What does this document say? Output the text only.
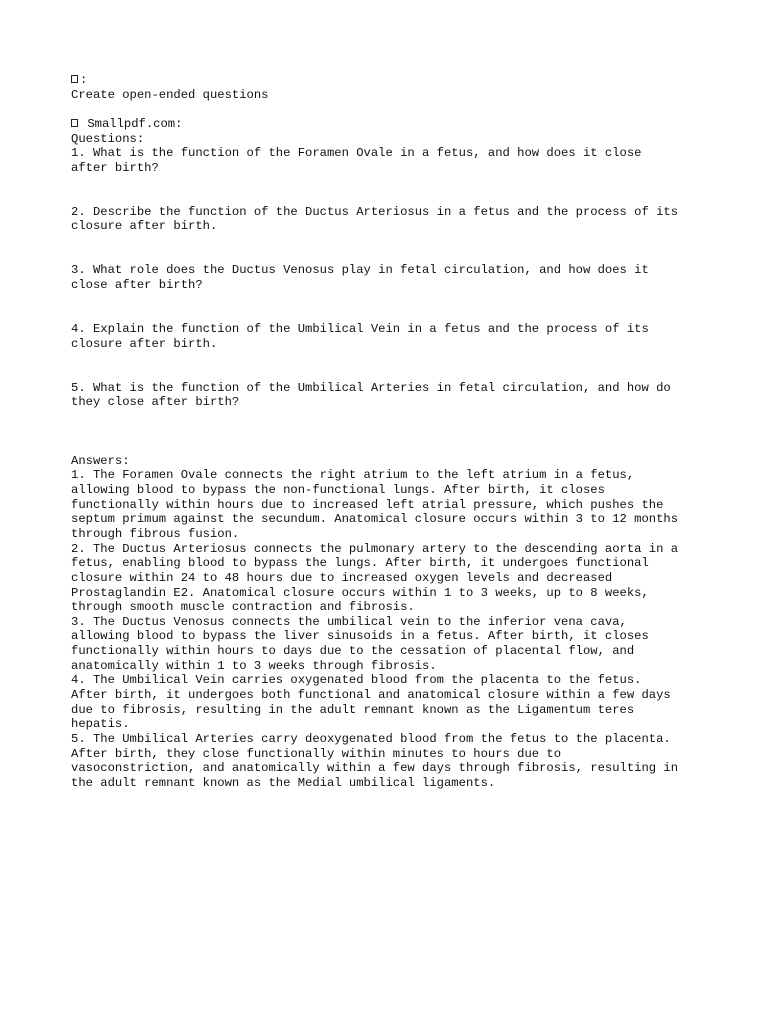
:
Create open-ended questions
Smallpdf.com:
Questions:
1. What is the function of the Foramen Ovale in a fetus, and how does it close
after birth?
2. Describe the function of the Ductus Arteriosus in a fetus and the process of its
closure after birth.
3. What role does the Ductus Venosus play in fetal circulation, and how does it
close after birth?
4. Explain the function of the Umbilical Vein in a fetus and the process of its
closure after birth.
5. What is the function of the Umbilical Arteries in fetal circulation, and how do
they close after birth?
Answers:
1. The Foramen Ovale connects the right atrium to the left atrium in a fetus,
allowing blood to bypass the non-functional lungs. After birth, it closes
functionally within hours due to increased left atrial pressure, which pushes the
septum primum against the secundum. Anatomical closure occurs within 3 to 12 months
through fibrous fusion.
2. The Ductus Arteriosus connects the pulmonary artery to the descending aorta in a
fetus, enabling blood to bypass the lungs. After birth, it undergoes functional
closure within 24 to 48 hours due to increased oxygen levels and decreased
Prostaglandin E2. Anatomical closure occurs within 1 to 3 weeks, up to 8 weeks,
through smooth muscle contraction and fibrosis.
3. The Ductus Venosus connects the umbilical vein to the inferior vena cava,
allowing blood to bypass the liver sinusoids in a fetus. After birth, it closes
functionally within hours to days due to the cessation of placental flow, and
anatomically within 1 to 3 weeks through fibrosis.
4. The Umbilical Vein carries oxygenated blood from the placenta to the fetus.
After birth, it undergoes both functional and anatomical closure within a few days
due to fibrosis, resulting in the adult remnant known as the Ligamentum teres
hepatis.
5. The Umbilical Arteries carry deoxygenated blood from the fetus to the placenta.
After birth, they close functionally within minutes to hours due to
vasoconstriction, and anatomically within a few days through fibrosis, resulting in
the adult remnant known as the Medial umbilical ligaments.
